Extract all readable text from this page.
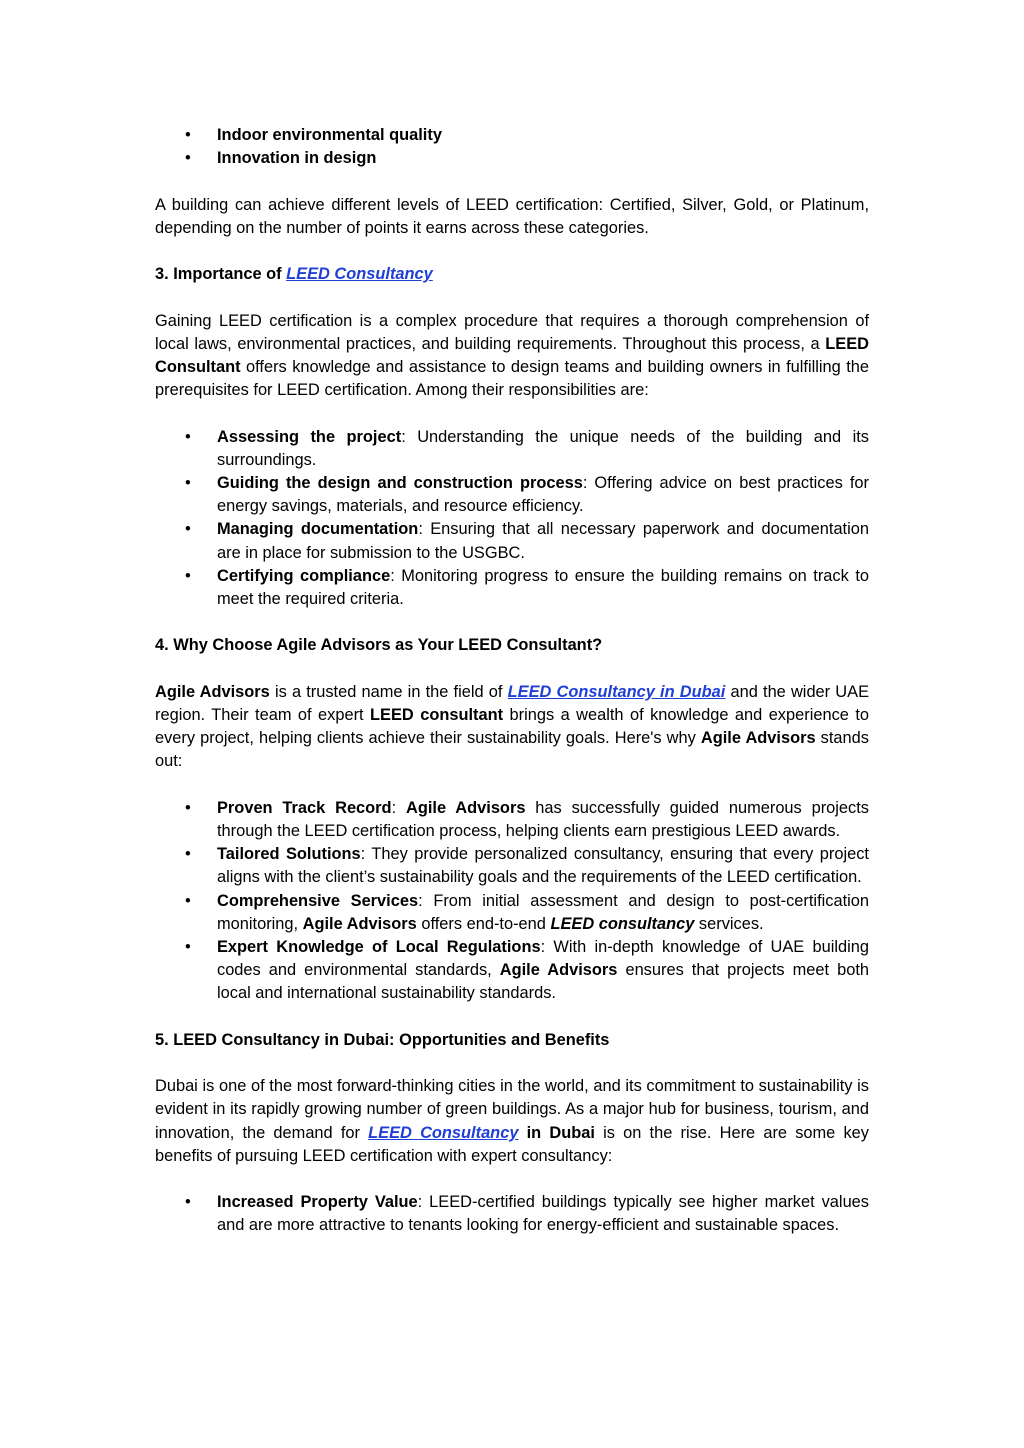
• Indoor environmental quality
• Innovation in design

A building can achieve different levels of LEED certification: Certified, Silver, Gold, or Platinum, depending on the number of points it earns across these categories.

3. Importance of LEED Consultancy

Gaining LEED certification is a complex procedure that requires a thorough comprehension of local laws, environmental practices, and building requirements. Throughout this process, a LEED Consultant offers knowledge and assistance to design teams and building owners in fulfilling the prerequisites for LEED certification. Among their responsibilities are:

• Assessing the project: Understanding the unique needs of the building and its surroundings.
• Guiding the design and construction process: Offering advice on best practices for energy savings, materials, and resource efficiency.
• Managing documentation: Ensuring that all necessary paperwork and documentation are in place for submission to the USGBC.
• Certifying compliance: Monitoring progress to ensure the building remains on track to meet the required criteria.
4. Why Choose Agile Advisors as Your LEED Consultant?

Agile Advisors is a trusted name in the field of LEED Consultancy in Dubai and the wider UAE region. Their team of expert LEED consultant brings a wealth of knowledge and experience to every project, helping clients achieve their sustainability goals. Here's why Agile Advisors stands out:

• Proven Track Record: Agile Advisors has successfully guided numerous projects through the LEED certification process, helping clients earn prestigious LEED awards.
• Tailored Solutions: They provide personalized consultancy, ensuring that every project aligns with the client’s sustainability goals and the requirements of the LEED certification.
• Comprehensive Services: From initial assessment and design to post-certification monitoring, Agile Advisors offers end-to-end LEED consultancy services.
• Expert Knowledge of Local Regulations: With in-depth knowledge of UAE building codes and environmental standards, Agile Advisors ensures that projects meet both local and international sustainability standards.
5. LEED Consultancy in Dubai: Opportunities and Benefits

Dubai is one of the most forward-thinking cities in the world, and its commitment to sustainability is evident in its rapidly growing number of green buildings. As a major hub for business, tourism, and innovation, the demand for LEED Consultancy in Dubai is on the rise. Here are some key benefits of pursuing LEED certification with expert consultancy:

• Increased Property Value: LEED-certified buildings typically see higher market values and are more attractive to tenants looking for energy-efficient and sustainable spaces.
